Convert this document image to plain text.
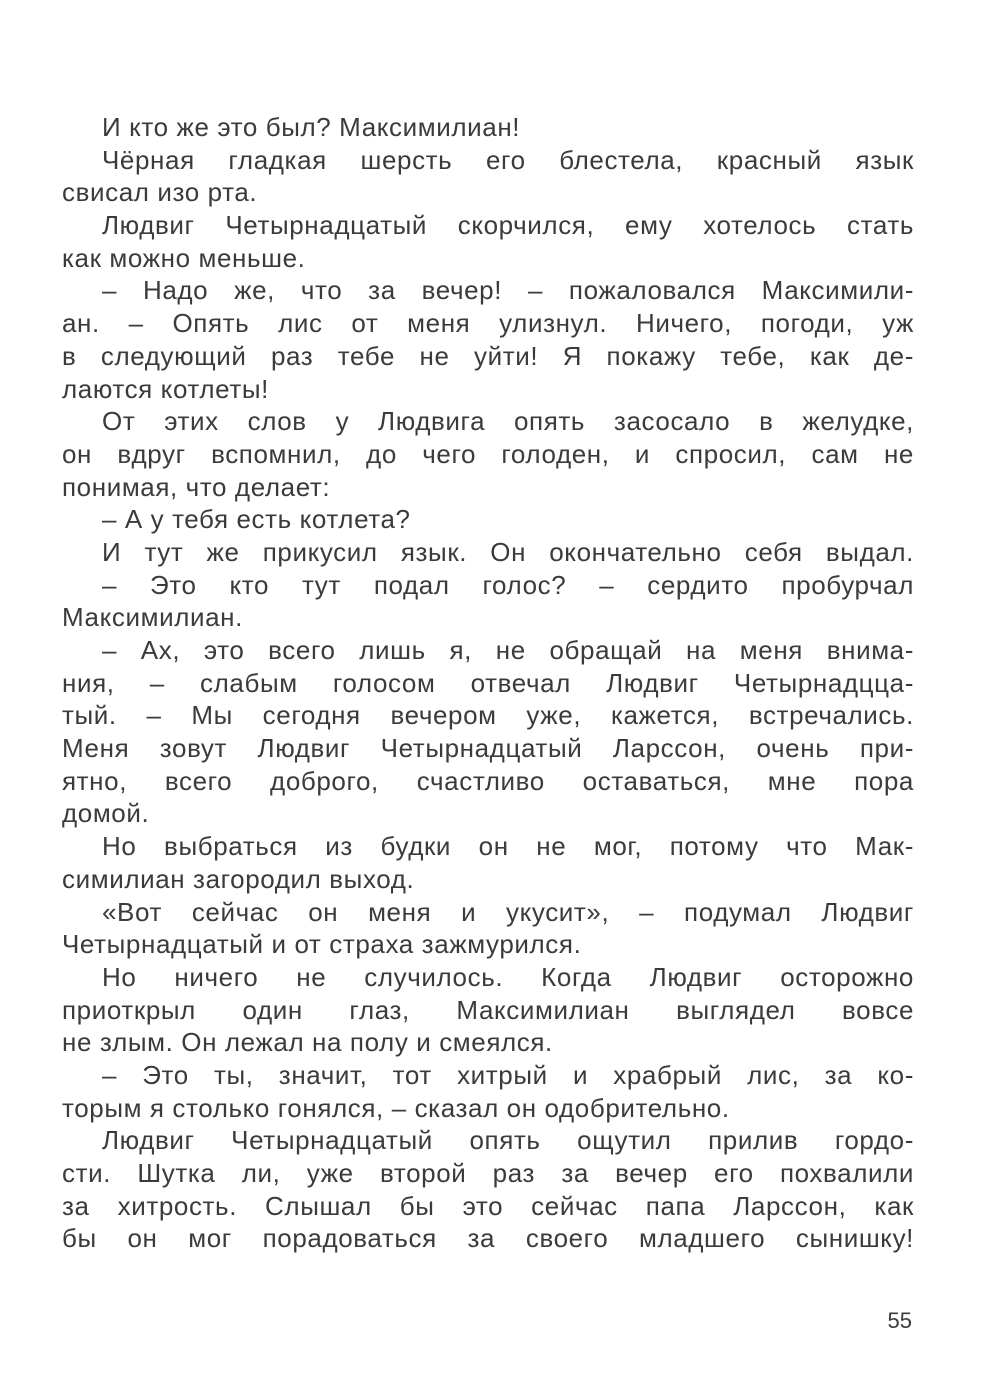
И кто же это был? Максимилиан!
Чёрная гладкая шерсть его блестела, красный язык
свисал изо рта.
Людвиг Четырнадцатый скорчился, ему хотелось стать
как можно меньше.
– Надо же, что за вечер! – пожаловался Максимили-
ан. – Опять лис от меня улизнул. Ничего, погоди, уж
в следующий раз тебе не уйти! Я покажу тебе, как де-
лаются котлеты!
От этих слов у Людвига опять засосало в желудке,
он вдруг вспомнил, до чего голоден, и спросил, сам не
понимая, что делает:
– А у тебя есть котлета?
И тут же прикусил язык. Он окончательно себя выдал.
– Это кто тут подал голос? – сердито пробурчал
Максимилиан.
– Ах, это всего лишь я, не обращай на меня внима-
ния, – слабым голосом отвечал Людвиг Четырнадцца-
тый. – Мы сегодня вечером уже, кажется, встречались.
Меня зовут Людвиг Четырнадцатый Ларссон, очень при-
ятно, всего доброго, счастливо оставаться, мне пора
домой.
Но выбраться из будки он не мог, потому что Мак-
симилиан загородил выход.
«Вот сейчас он меня и укусит», – подумал Людвиг
Четырнадцатый и от страха зажмурился.
Но ничего не случилось. Когда Людвиг осторожно
приоткрыл один глаз, Максимилиан выглядел вовсе
не злым. Он лежал на полу и смеялся.
– Это ты, значит, тот хитрый и храбрый лис, за ко-
торым я столько гонялся, – сказал он одобрительно.
Людвиг Четырнадцатый опять ощутил прилив гордо-
сти. Шутка ли, уже второй раз за вечер его похвалили
за хитрость. Слышал бы это сейчас папа Ларссон, как
бы он мог порадоваться за своего младшего сынишку!
55
